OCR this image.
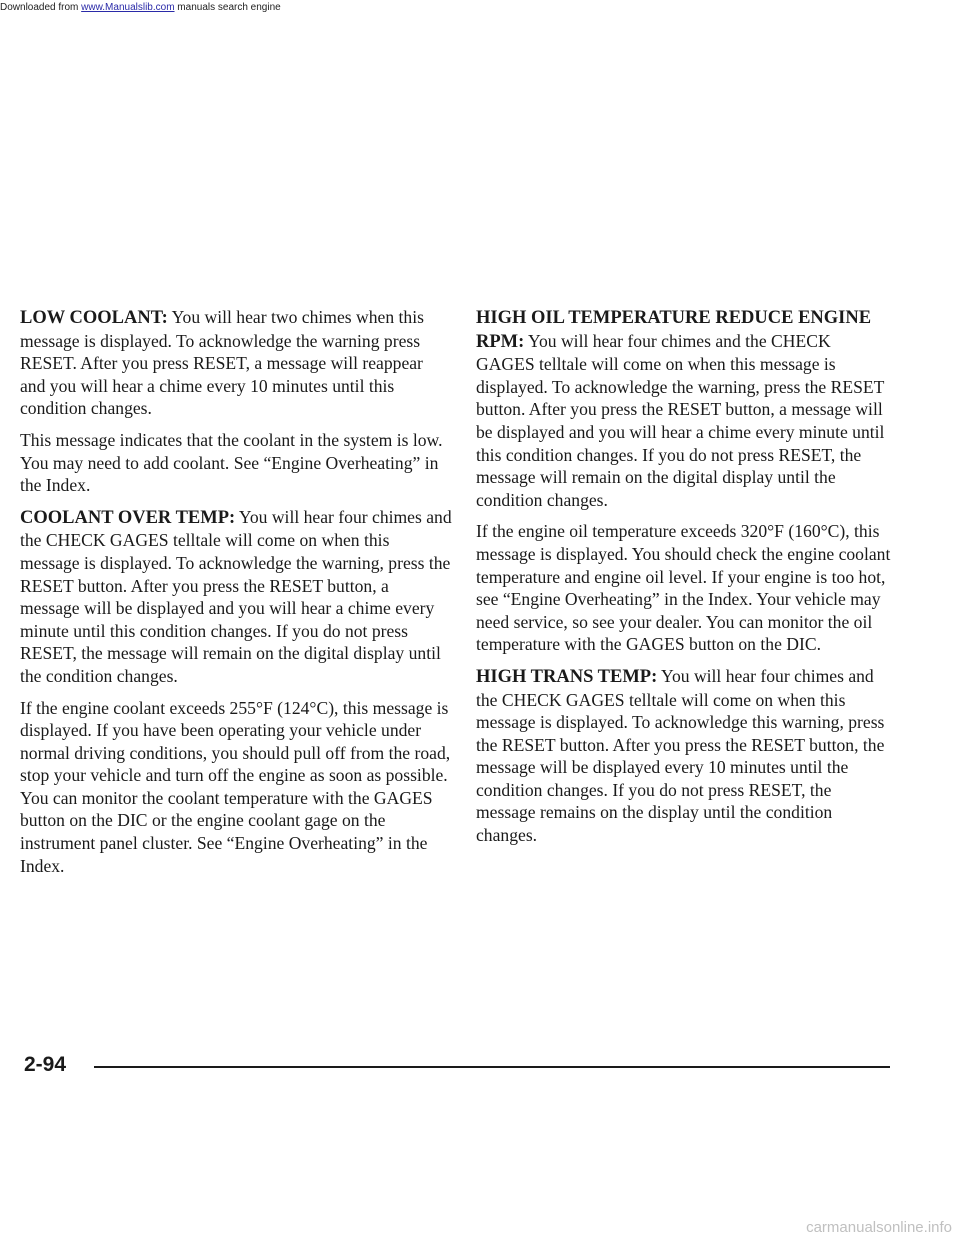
Downloaded from www.Manualslib.com manuals search engine

LOW COOLANT: You will hear two chimes when this message is displayed. To acknowledge the warning press RESET. After you press RESET, a message will reappear and you will hear a chime every 10 minutes until this condition changes.

This message indicates that the coolant in the system is low. You may need to add coolant. See “Engine Overheating” in the Index.

COOLANT OVER TEMP: You will hear four chimes and the CHECK GAGES telltale will come on when this message is displayed. To acknowledge the warning, press the RESET button. After you press the RESET button, a message will be displayed and you will hear a chime every minute until this condition changes. If you do not press RESET, the message will remain on the digital display until the condition changes.

If the engine coolant exceeds 255°F (124°C), this message is displayed. If you have been operating your vehicle under normal driving conditions, you should pull off from the road, stop your vehicle and turn off the engine as soon as possible. You can monitor the coolant temperature with the GAGES button on the DIC or the engine coolant gage on the instrument panel cluster. See “Engine Overheating” in the Index.

HIGH OIL TEMPERATURE REDUCE ENGINE RPM: You will hear four chimes and the CHECK GAGES telltale will come on when this message is displayed. To acknowledge the warning, press the RESET button. After you press the RESET button, a message will be displayed and you will hear a chime every minute until this condition changes. If you do not press RESET, the message will remain on the digital display until the condition changes.

If the engine oil temperature exceeds 320°F (160°C), this message is displayed. You should check the engine coolant temperature and engine oil level. If your engine is too hot, see “Engine Overheating” in the Index. Your vehicle may need service, so see your dealer. You can monitor the oil temperature with the GAGES button on the DIC.

HIGH TRANS TEMP: You will hear four chimes and the CHECK GAGES telltale will come on when this message is displayed. To acknowledge this warning, press the RESET button. After you press the RESET button, the message will be displayed every 10 minutes until the condition changes. If you do not press RESET, the message remains on the display until the condition changes.

2-94
carmanualsonline.info
